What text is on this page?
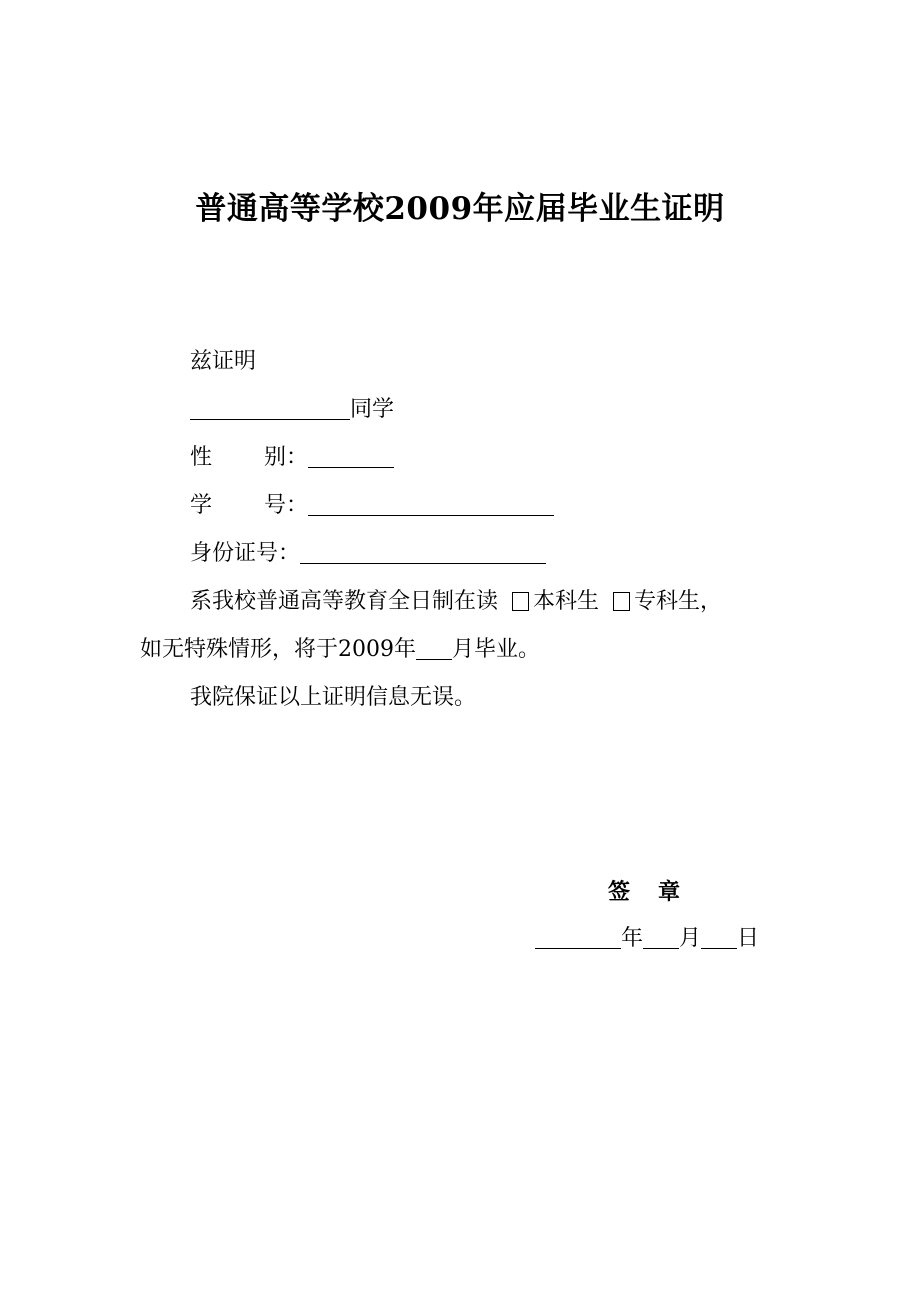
普通高等学校2009年应届毕业生证明
兹证明
同学
性 别：
学 号：
身份证号：
系我校普通高等教育全日制在读 本科生 专科生，
如无特殊情形，将于2009年 月毕业。
我院保证以上证明信息无误。
签 章
年 月 日
